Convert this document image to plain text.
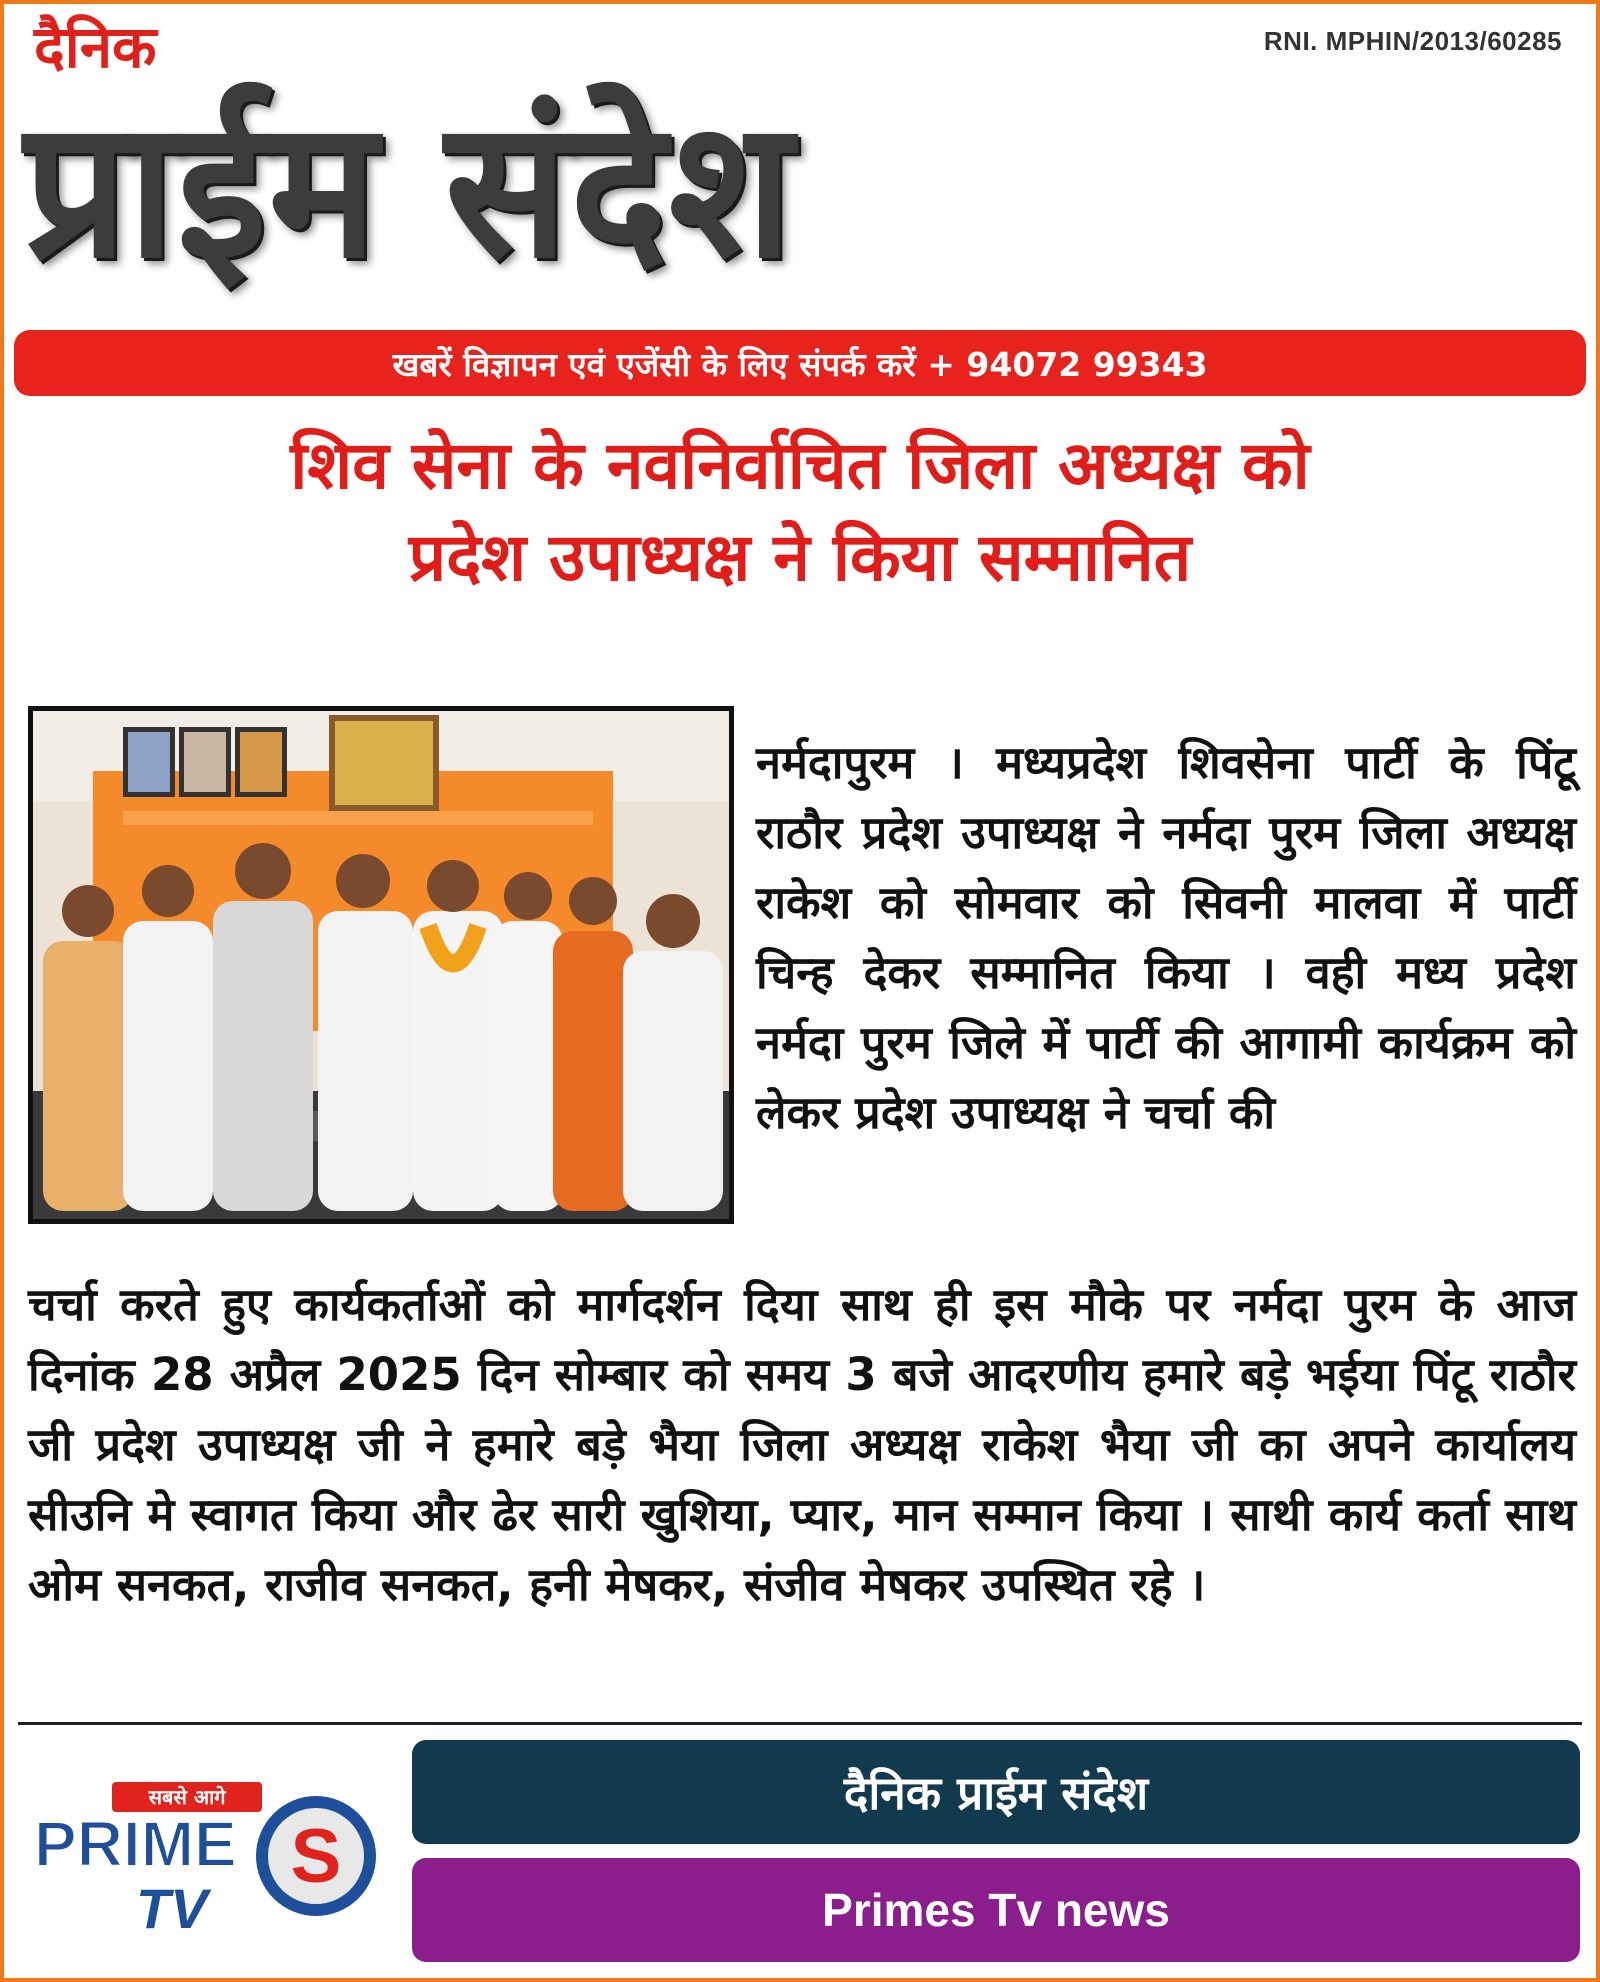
RNI. MPHIN/2013/60285
दैनिक
प्राईम संदेश
खबरें विज्ञापन एवं एजेंसी के लिए संपर्क करें + 94072 99343
शिव सेना के नवनिर्वाचित जिला अध्यक्ष को
प्रदेश उपाध्यक्ष ने किया सम्मानित
नर्मदापुरम । मध्यप्रदेश शिवसेना पार्टी के पिंटू राठौर प्रदेश उपाध्यक्ष ने नर्मदा पुरम जिला अध्यक्ष राकेश को सोमवार को सिवनी मालवा में पार्टी चिन्ह देकर सम्मानित किया । वही मध्य प्रदेश नर्मदा पुरम जिले में पार्टी की आगामी कार्यक्रम को लेकर प्रदेश उपाध्यक्ष ने चर्चा की
चर्चा करते हुए कार्यकर्ताओं को मार्गदर्शन दिया साथ ही इस मौके पर नर्मदा पुरम के आज दिनांक 28 अप्रैल 2025 दिन सोम्बार को समय 3 बजे आदरणीय हमारे बड़े भईया पिंटू राठौर जी प्रदेश उपाध्यक्ष जी ने हमारे बड़े भैया जिला अध्यक्ष राकेश भैया जी का अपने कार्यालय सीउनि मे स्वागत किया और ढेर सारी खुशिया, प्यार, मान सम्मान किया । साथी कार्य कर्ता साथ ओम सनकत, राजीव सनकत, हनी मेषकर, संजीव मेषकर उपस्थित रहे ।
सबसे आगे
PRIME S
TV
दैनिक प्राईम संदेश
Primes Tv news
